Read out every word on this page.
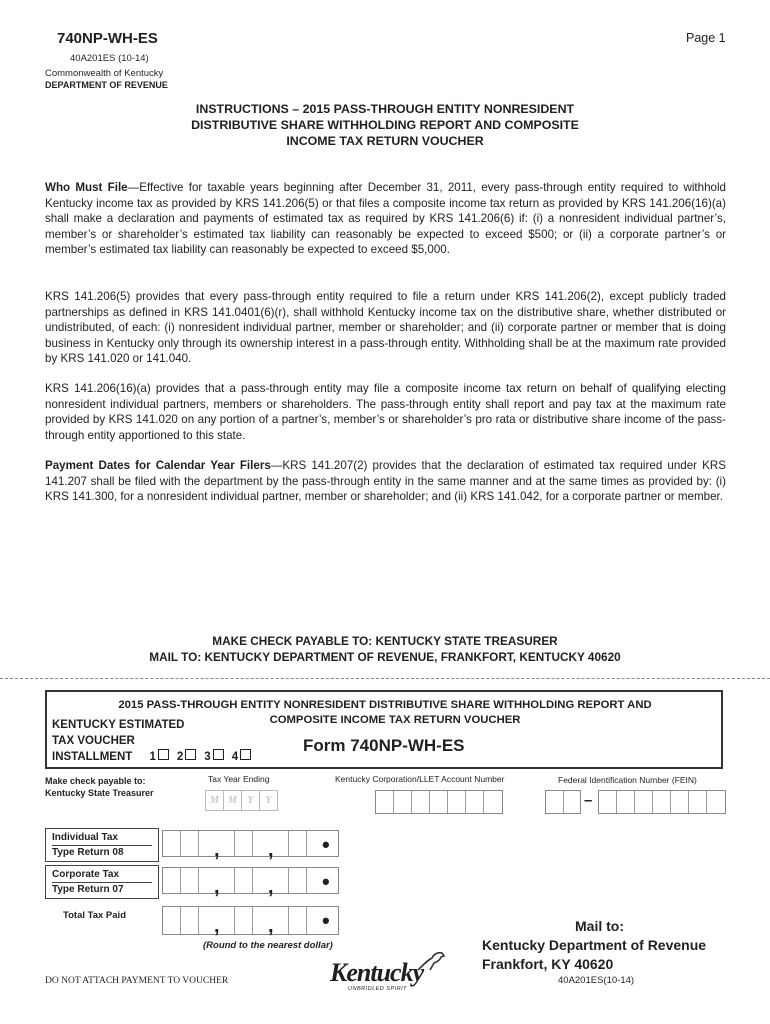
740NP-WH-ES	Page 1
40A201ES (10-14)
Commonwealth of Kentucky
DEPARTMENT OF REVENUE
INSTRUCTIONS – 2015 PASS-THROUGH ENTITY NONRESIDENT
DISTRIBUTIVE SHARE WITHHOLDING REPORT AND COMPOSITE
INCOME TAX RETURN VOUCHER
Who Must File—Effective for taxable years beginning after December 31, 2011, every pass-through entity required to withhold Kentucky income tax as provided by KRS 141.206(5) or that files a composite income tax return as provided by KRS 141.206(16)(a) shall make a declaration and payments of estimated tax as required by KRS 141.206(6) if: (i) a nonresident individual partner’s, member’s or shareholder’s estimated tax liability can reasonably be expected to exceed $500; or (ii) a corporate partner’s or member’s estimated tax liability can reasonably be expected to exceed $5,000.
KRS 141.206(5) provides that every pass-through entity required to file a return under KRS 141.206(2), except publicly traded partnerships as defined in KRS 141.0401(6)(r), shall withhold Kentucky income tax on the distributive share, whether distributed or undistributed, of each: (i) nonresident individual partner, member or shareholder; and (ii) corporate partner or member that is doing business in Kentucky only through its ownership interest in a pass-through entity. Withholding shall be at the maximum rate provided by KRS 141.020 or 141.040.
KRS 141.206(16)(a) provides that a pass-through entity may file a composite income tax return on behalf of qualifying electing nonresident individual partners, members or shareholders. The pass-through entity shall report and pay tax at the maximum rate provided by KRS 141.020 on any portion of a partner’s, member’s or shareholder’s pro rata or distributive share income of the pass-through entity apportioned to this state.
Payment Dates for Calendar Year Filers—KRS 141.207(2) provides that the declaration of estimated tax required under KRS 141.207 shall be filed with the department by the pass-through entity in the same manner and at the same times as provided by: (i) KRS 141.300, for a nonresident individual partner, member or shareholder; and (ii) KRS 141.042, for a corporate partner or member.
MAKE CHECK PAYABLE TO: KENTUCKY STATE TREASURER
MAIL TO: KENTUCKY DEPARTMENT OF REVENUE, FRANKFORT, KENTUCKY 40620
2015 PASS-THROUGH ENTITY NONRESIDENT DISTRIBUTIVE SHARE WITHHOLDING REPORT AND
COMPOSITE INCOME TAX RETURN VOUCHER
KENTUCKY ESTIMATED
TAX VOUCHER
INSTALLMENT 1 2 3 4
Form 740NP-WH-ES
Make check payable to:
Kentucky State Treasurer
Tax Year Ending	Kentucky Corporation/LLET Account Number	Federal Identification Number (FEIN)
M M	Y	Y	–
Individual Tax
Type Return 08	, , •
Corporate Tax
Type Return 07	, , •
Total Tax Paid	, , •
(Round to the nearest dollar)
Mail to:
Kentucky Department of Revenue
Frankfort, KY 40620
40A201ES(10-14)
Kentucky
UNBRIDLED SPIRIT
DO NOT ATTACH PAYMENT TO VOUCHER
